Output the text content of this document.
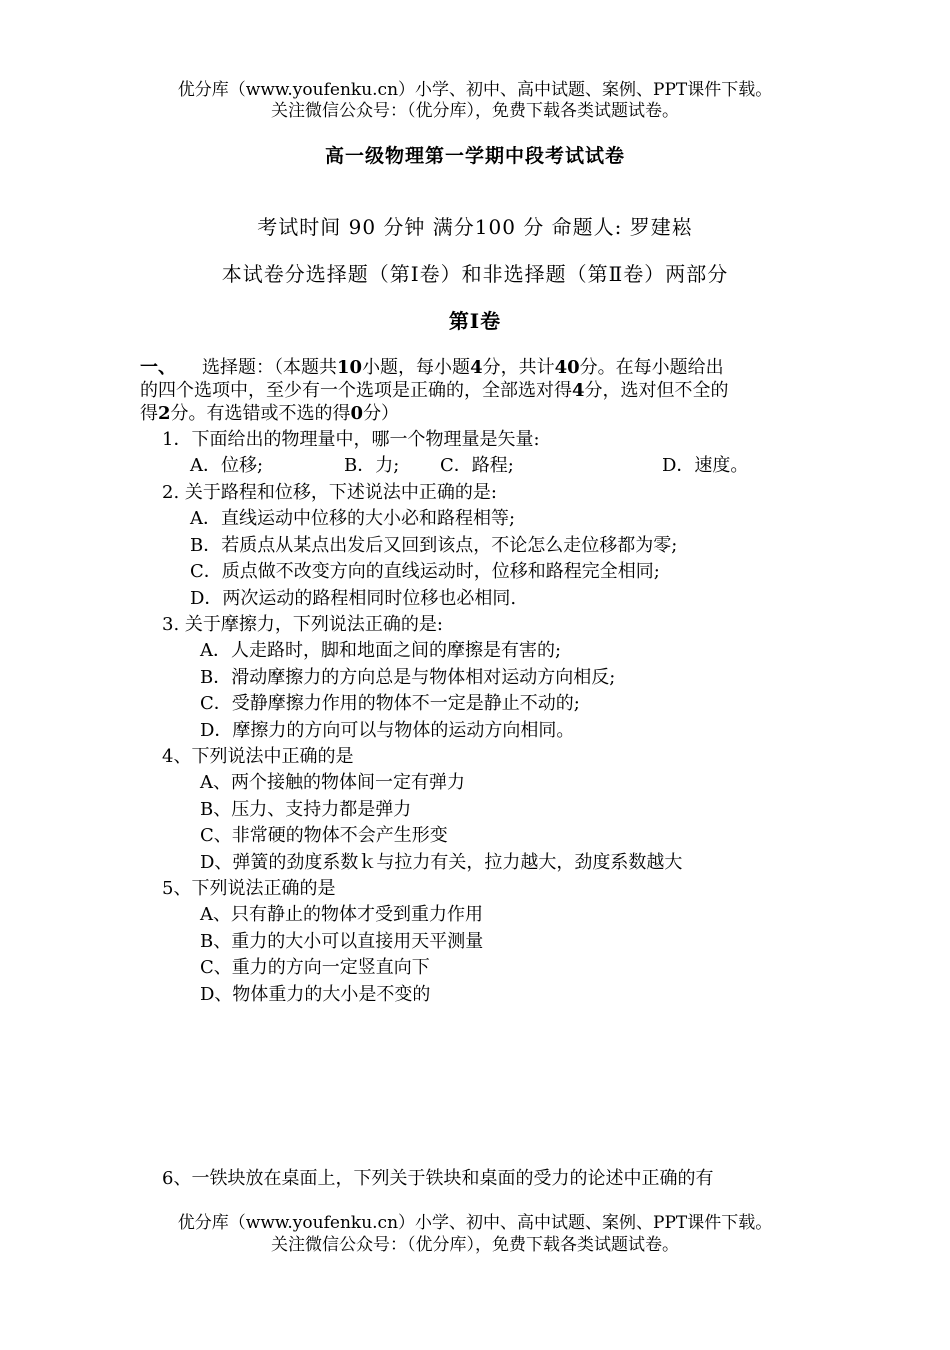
优分库（www.youfenku.cn）小学、初中、高中试题、案例、PPT课件下载。
关注微信公众号：（优分库），免费下载各类试题试卷。
高一级物理第一学期中段考试试卷
考试时间 90 分钟 满分100 分 命题人: 罗建崧
本试卷分选择题（第Ⅰ卷）和非选择题（第Ⅱ卷）两部分
第Ⅰ卷
一、 选择题：（本题共10小题，每小题4分，共计40分。在每小题给出
的四个选项中，至少有一个选项是正确的，全部选对得4分，选对但不全的
得2分。有选错或不选的得0分）
1．下面给出的物理量中，哪一个物理量是矢量:
A．位移;	B．力; C．路程;	D．速度。
2. 关于路程和位移，下述说法中正确的是:
A．直线运动中位移的大小必和路程相等;
B．若质点从某点出发后又回到该点，不论怎么走位移都为零;
C．质点做不改变方向的直线运动时，位移和路程完全相同;
D．两次运动的路程相同时位移也必相同.
3. 关于摩擦力，下列说法正确的是:
A．人走路时，脚和地面之间的摩擦是有害的;
B．滑动摩擦力的方向总是与物体相对运动方向相反;
C．受静摩擦力作用的物体不一定是静止不动的;
D．摩擦力的方向可以与物体的运动方向相同。
4、下列说法中正确的是
A、两个接触的物体间一定有弹力
B、压力、支持力都是弹力
C、非常硬的物体不会产生形变
D、弹簧的劲度系数ｋ与拉力有关，拉力越大，劲度系数越大
5、下列说法正确的是
A、只有静止的物体才受到重力作用
B、重力的大小可以直接用天平测量
C、重力的方向一定竖直向下
D、物体重力的大小是不变的
6、一铁块放在桌面上，下列关于铁块和桌面的受力的论述中正确的有
优分库（www.youfenku.cn）小学、初中、高中试题、案例、PPT课件下载。
关注微信公众号：（优分库），免费下载各类试题试卷。
